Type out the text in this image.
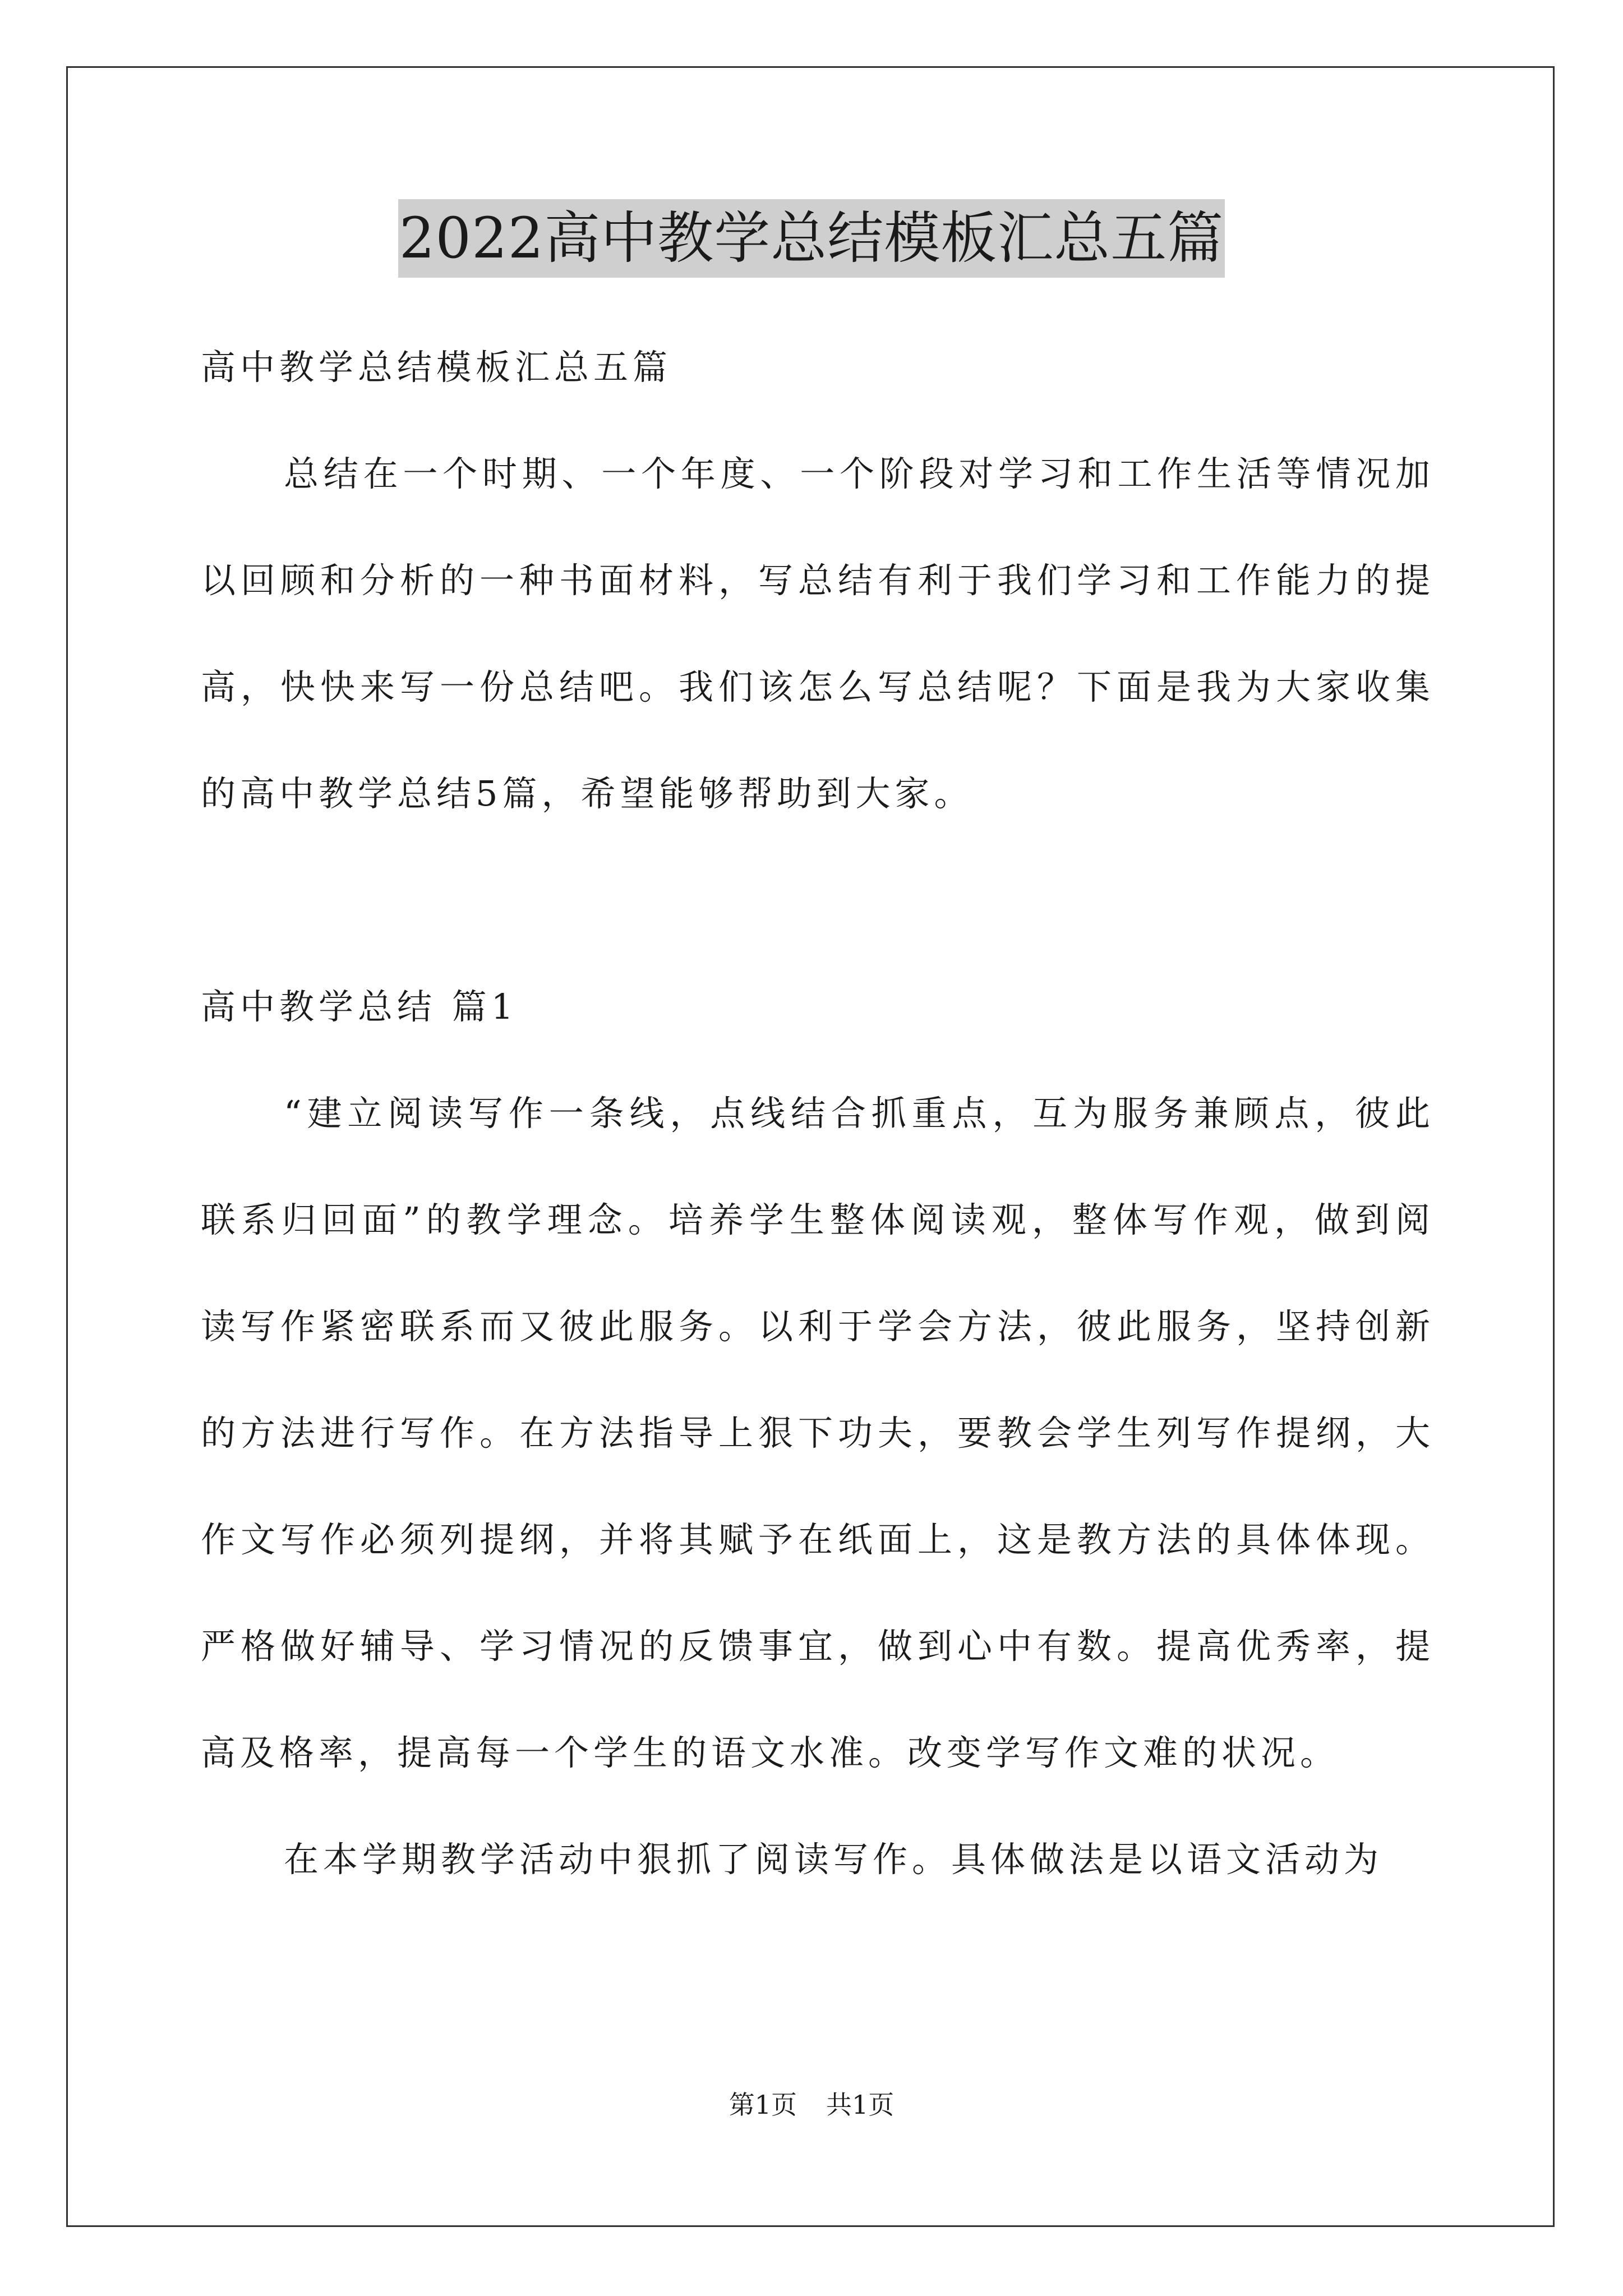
2022高中教学总结模板汇总五篇

高中教学总结模板汇总五篇

总结在一个时期、一个年度、一个阶段对学习和工作生活等情况加以回顾和分析的一种书面材料，写总结有利于我们学习和工作能力的提高，快快来写一份总结吧。我们该怎么写总结呢？下面是我为大家收集的高中教学总结5篇，希望能够帮助到大家。

高中教学总结 篇1

“建立阅读写作一条线，点线结合抓重点，互为服务兼顾点，彼此联系归回面”的教学理念。培养学生整体阅读观，整体写作观，做到阅读写作紧密联系而又彼此服务。以利于学会方法，彼此服务，坚持创新的方法进行写作。在方法指导上狠下功夫，要教会学生列写作提纲，大作文写作必须列提纲，并将其赋予在纸面上，这是教方法的具体体现。严格做好辅导、学习情况的反馈事宜，做到心中有数。提高优秀率，提高及格率，提高每一个学生的语文水准。改变学写作文难的状况。

在本学期教学活动中狠抓了阅读写作。具体做法是以语文活动为

第1页 共1页
